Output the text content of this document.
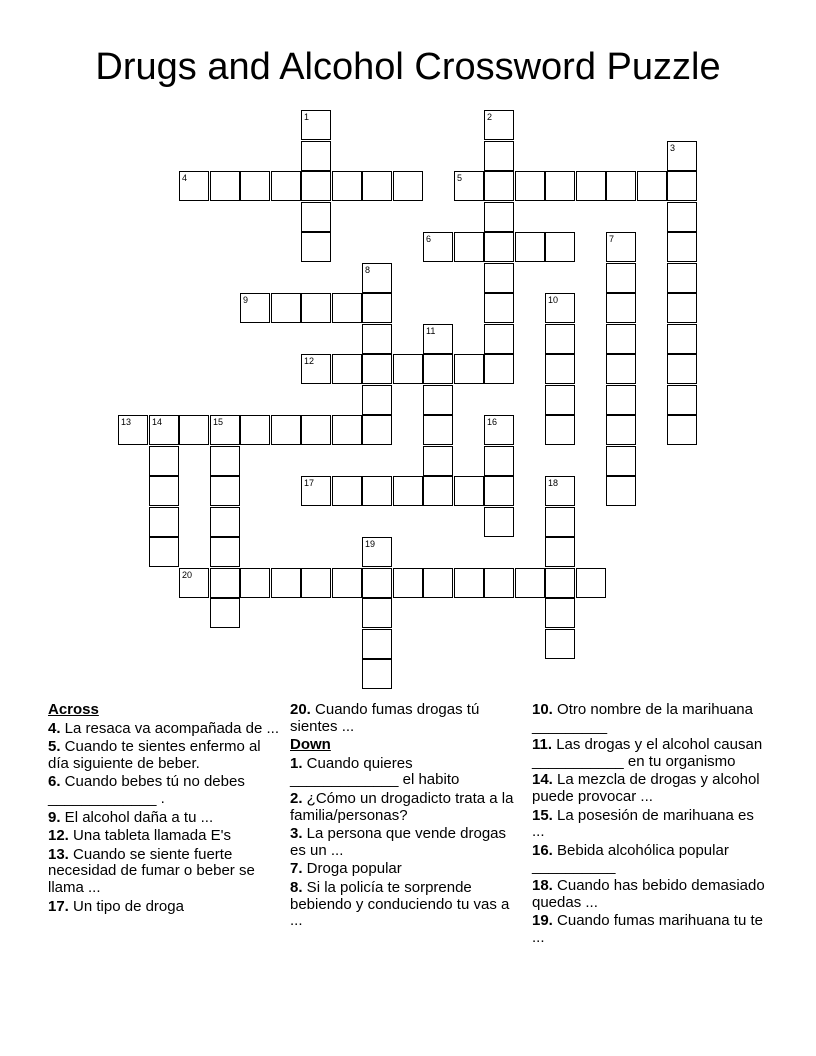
Drugs and Alcohol Crossword Puzzle
4	5
6
9
12
13 14	15
17
20
1	2
3
7
8
10
11
18
19
16
Across
4. La resaca va acompañada de ...
5. Cuando te sientes enfermo al día siguiente de beber.
6. Cuando bebes tú no debes _____________ .
9. El alcohol daña a tu ...
12. Una tableta llamada E's
13. Cuando se siente fuerte necesidad de fumar o beber se llama ...
17. Un tipo de droga
20. Cuando fumas drogas tú sientes ...
Down
1. Cuando quieres _____________ el habito
2. ¿Cómo un drogadicto trata a la familia/personas?
3. La persona que vende drogas es un ...
7. Droga popular
8. Si la policía te sorprende bebiendo y conduciendo tu vas a ...
10. Otro nombre de la marihuana _________
11. Las drogas y el alcohol causan ___________ en tu organismo
14. La mezcla de drogas y alcohol puede provocar ...
15. La posesión de marihuana es ...
16. Bebida alcohólica popular __________
18. Cuando has bebido demasiado quedas ...
19. Cuando fumas marihuana tu te ...
